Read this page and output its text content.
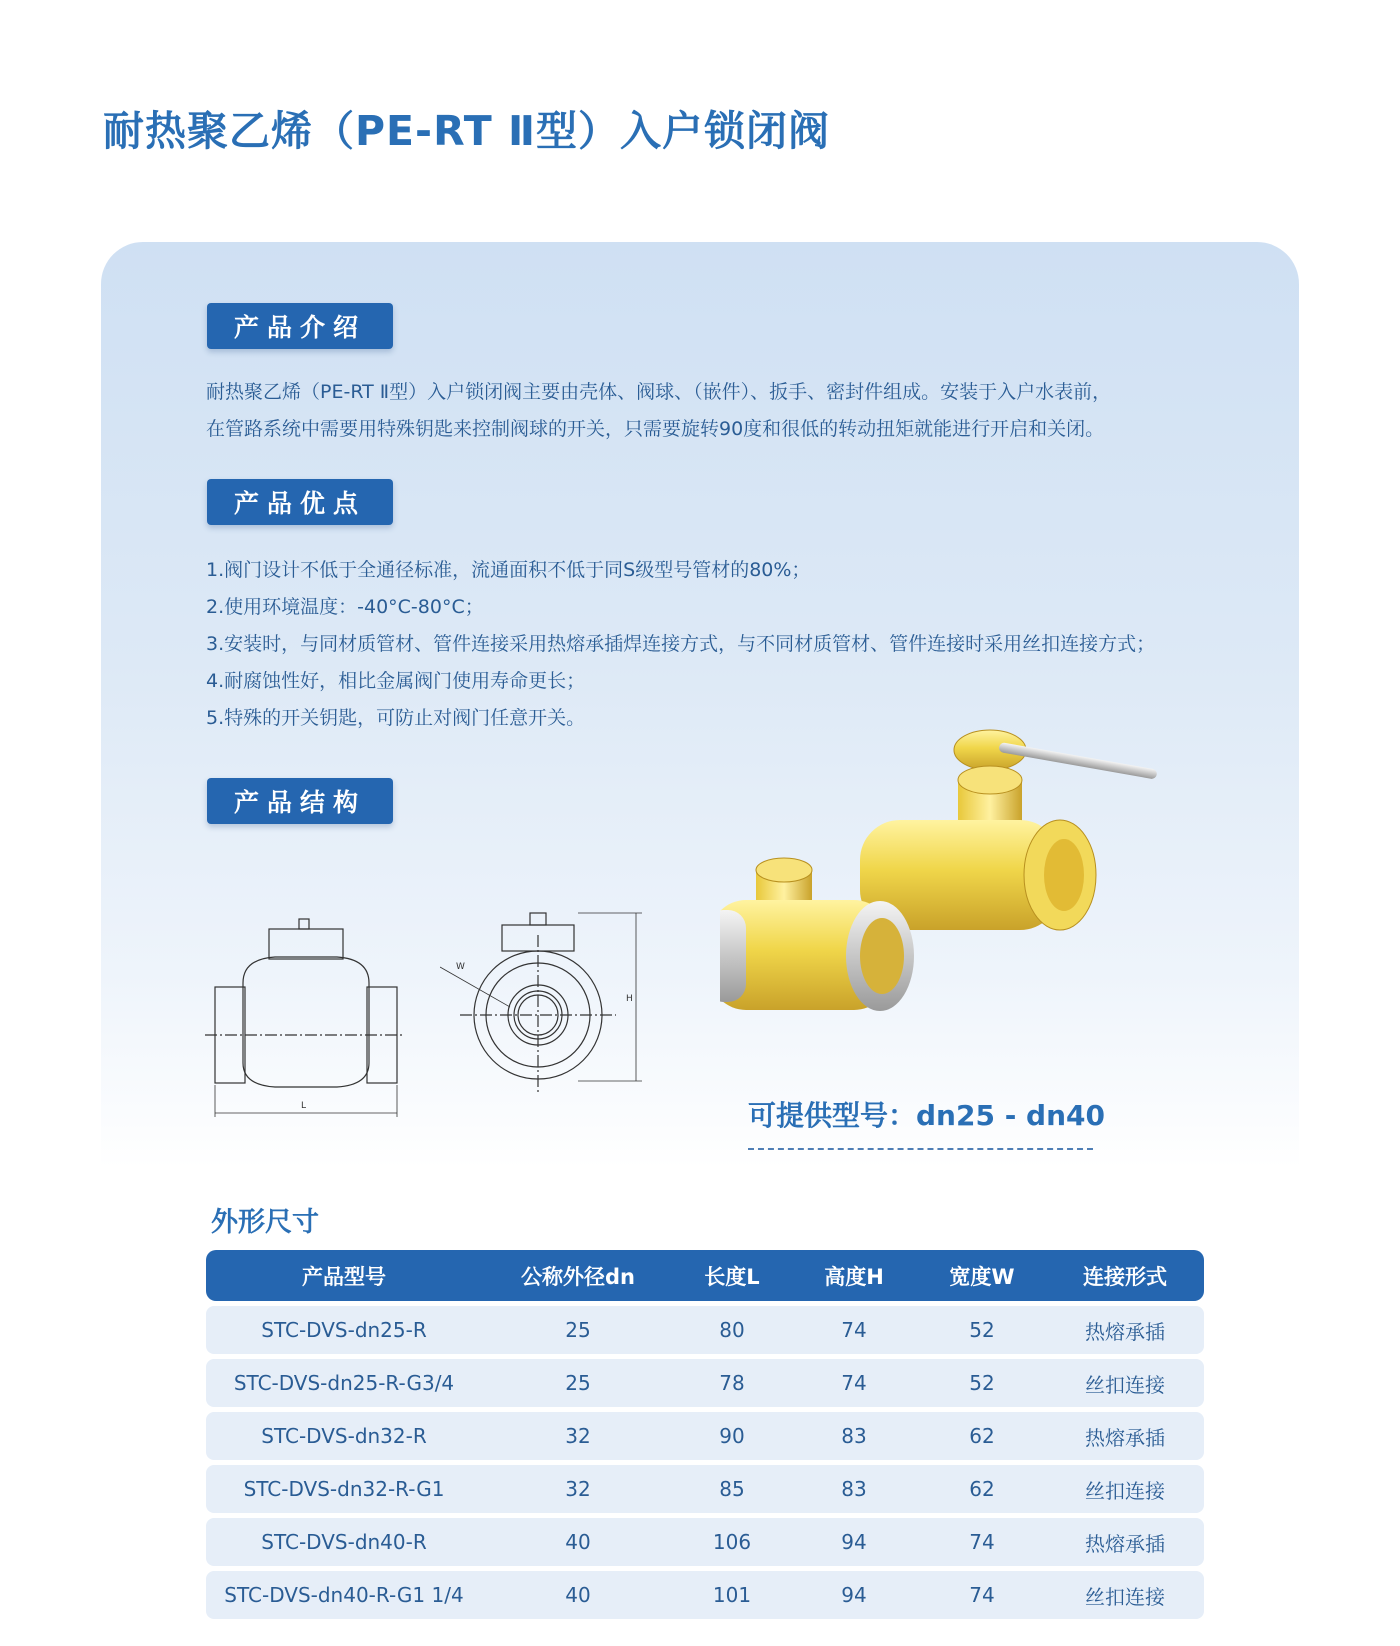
耐热聚乙烯（PE-RT Ⅱ型）入户锁闭阀
产品介绍
耐热聚乙烯（PE-RT Ⅱ型）入户锁闭阀主要由壳体、阀球、（嵌件）、扳手、密封件组成。安装于入户水表前，
在管路系统中需要用特殊钥匙来控制阀球的开关，只需要旋转90度和很低的转动扭矩就能进行开启和关闭。
产品优点
1.阀门设计不低于全通径标准，流通面积不低于同S级型号管材的80%；
2.使用环境温度：-40°C-80°C；
3.安装时，与同材质管材、管件连接采用热熔承插焊连接方式，与不同材质管材、管件连接时采用丝扣连接方式；
4.耐腐蚀性好，相比金属阀门使用寿命更长；
5.特殊的开关钥匙，可防止对阀门任意开关。
产品结构
L
W
H
可提供型号：dn25 - dn40
外形尺寸
产品型号	公称外径dn	长度L	高度H	宽度W	连接形式
STC-DVS-dn25-R	25	80	74	52	热熔承插
STC-DVS-dn25-R-G3/4	25	78	74	52	丝扣连接
STC-DVS-dn32-R	32	90	83	62	热熔承插
STC-DVS-dn32-R-G1	32	85	83	62	丝扣连接
STC-DVS-dn40-R	40	106	94	74	热熔承插
STC-DVS-dn40-R-G1 1/4	40	101	94	74	丝扣连接
